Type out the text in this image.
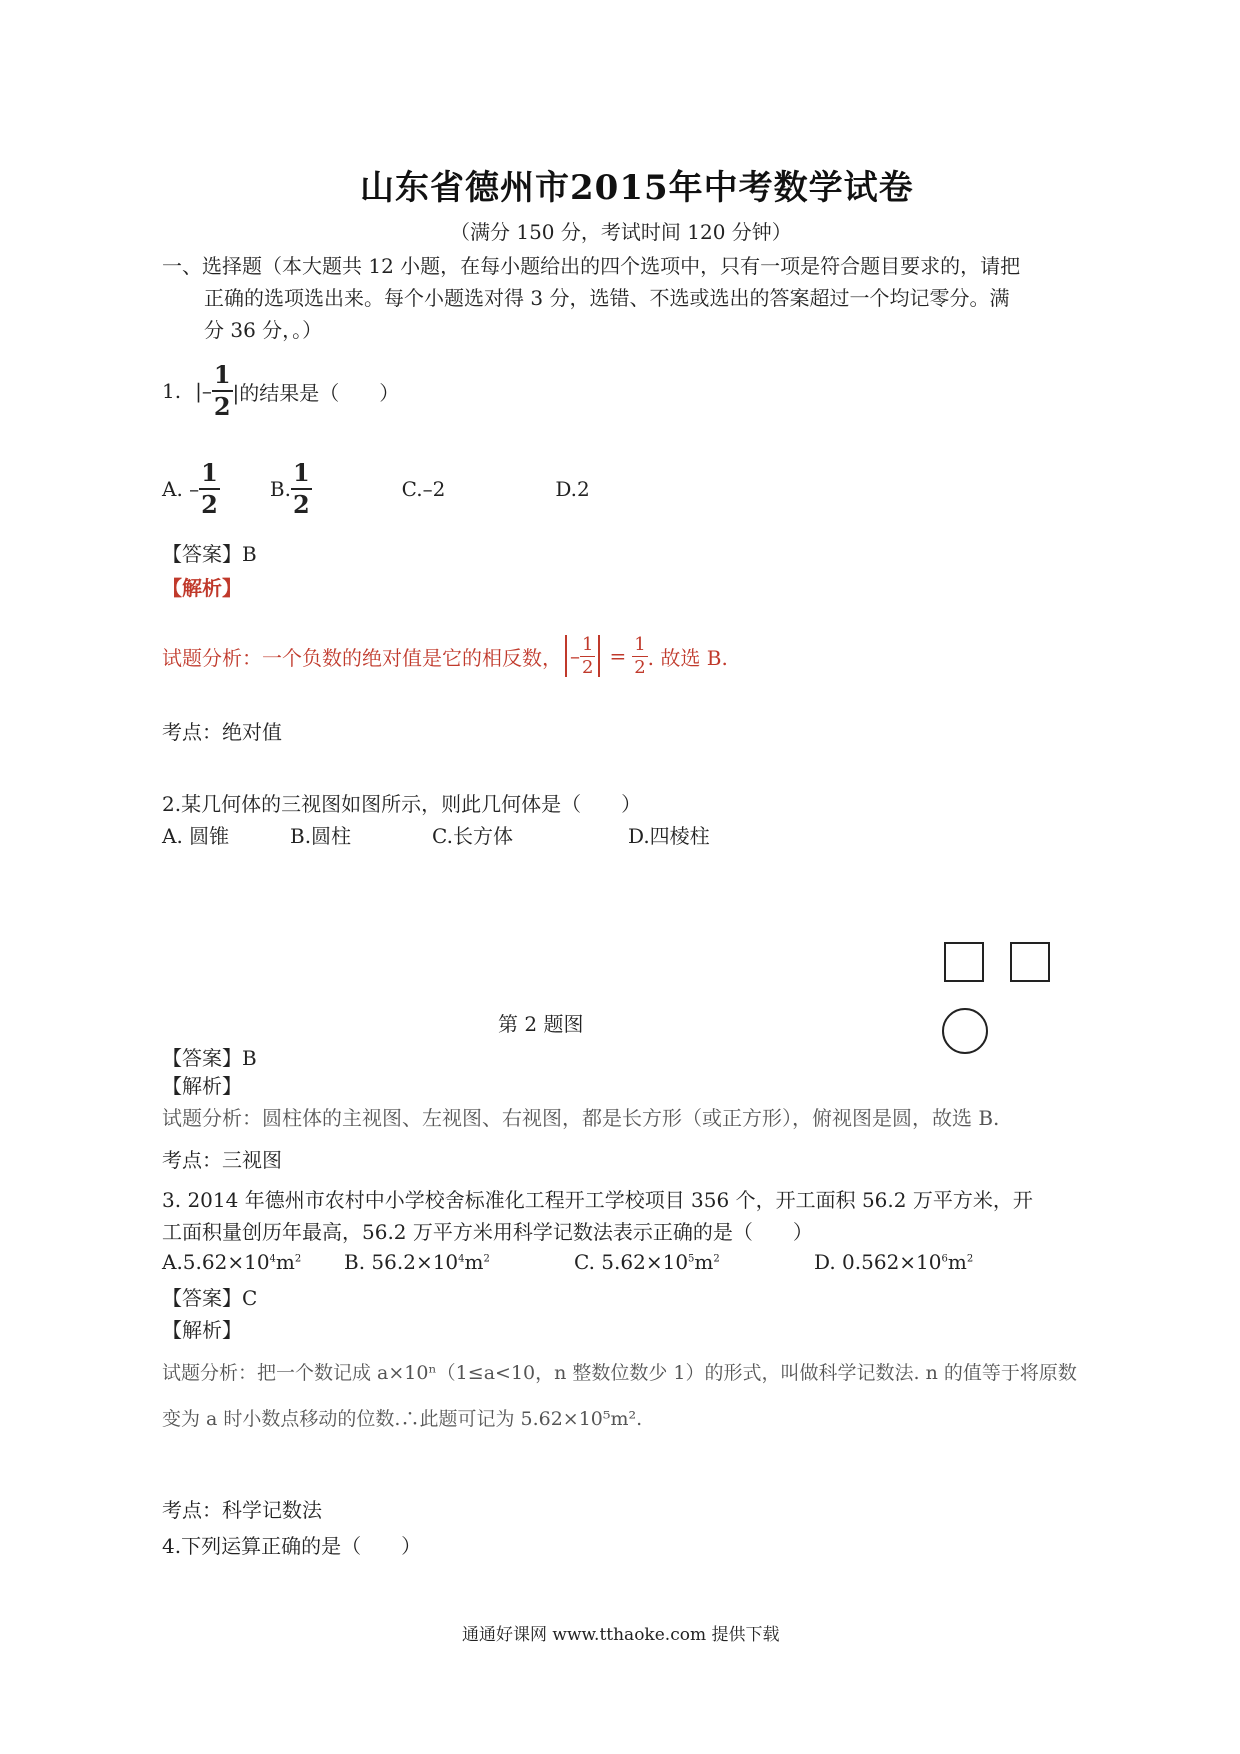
山东省德州市2015年中考数学试卷
（满分 150 分，考试时间 120 分钟）
一、选择题（本大题共 12 小题，在每小题给出的四个选项中，只有一项是符合题目要求的，请把
正确的选项选出来。每个小题选对得 3 分，选错、不选或选出的答案超过一个均记零分。满
分 36 分，。）
1. |– $\frac{1}{2}$ |的结果是（　　）
A. – $\frac{1}{2}$	B. $\frac{1}{2}$	C.–2	D.2
【答案】B
【解析】
试题分析：一个负数的绝对值是它的相反数， – $\frac{1}{2} = \frac{1}{2}$ . 故选 B.
考点：绝对值
2.某几何体的三视图如图所示，则此几何体是（　　）
A. 圆锥	B.圆柱	C.长方体	D.四棱柱
第 2 题图
【答案】B
【解析】
试题分析：圆柱体的主视图、左视图、右视图，都是长方形（或正方形），俯视图是圆，故选 B.
考点：三视图
3. 2014 年德州市农村中小学校舍标准化工程开工学校项目 356 个，开工面积 56.2 万平方米，开
工面积量创历年最高，56.2 万平方米用科学记数法表示正确的是（　　）
$A.5.62\times 10^4m^2$ B. $56.2\times 10^4m^2$	C. $5.62\times 10^5m^2$	D. $0.562\times 10^6m^2$
【答案】C
【解析】
试题分析：把一个数记成 a×10ⁿ（1≤a<10，n 整数位数少 1）的形式，叫做科学记数法. n 的值等于将原数
变为 a 时小数点移动的位数.∴此题可记为 5.62×10⁵m².
考点：科学记数法
4.下列运算正确的是（　　）
通通好课网 www.tthaoke.com 提供下载
